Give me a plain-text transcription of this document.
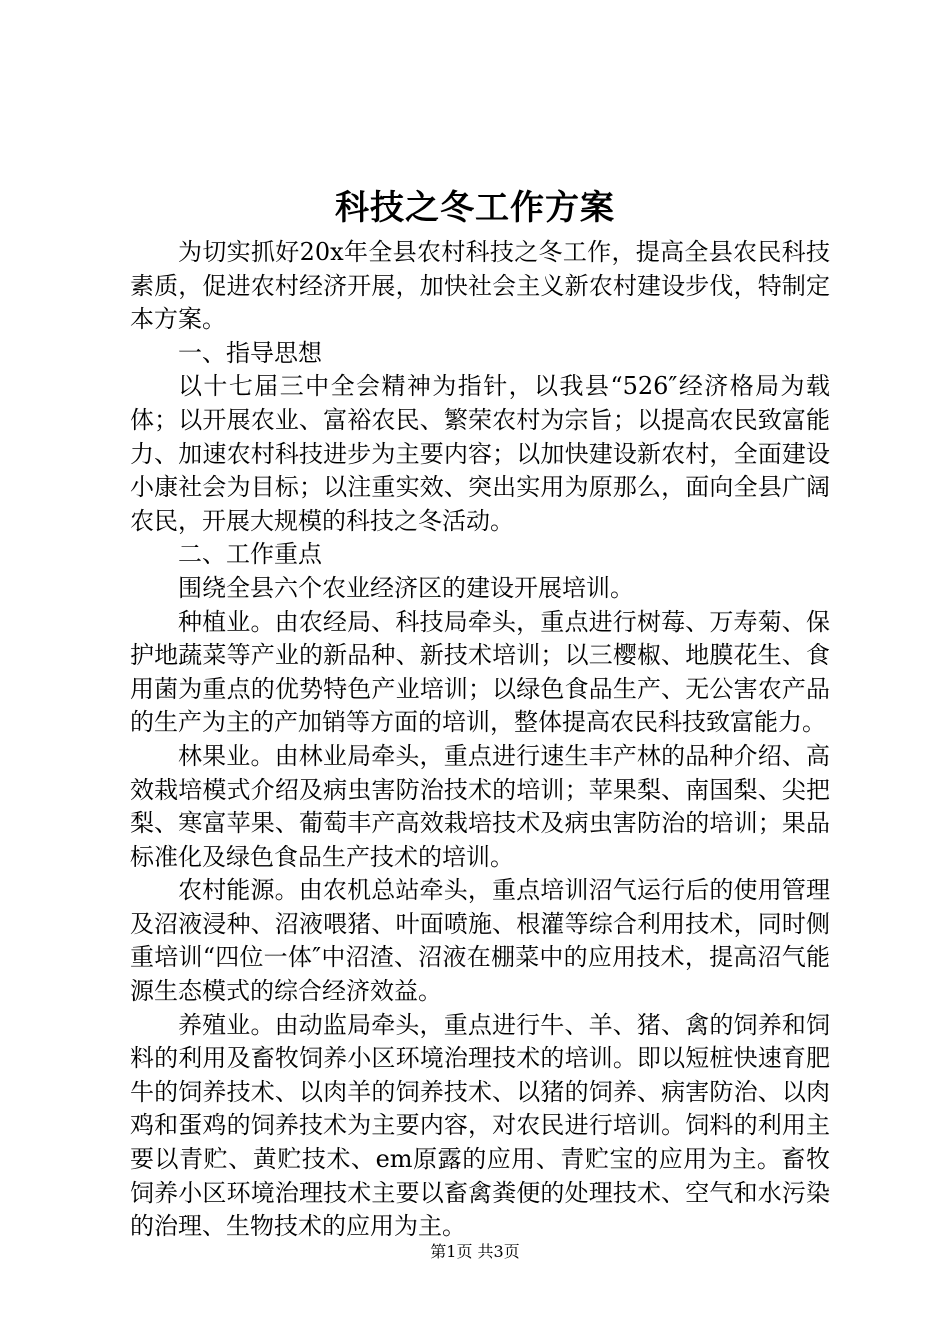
科技之冬工作方案

为切实抓好20x年全县农村科技之冬工作，提高全县农民科技素质，促进农村经济开展，加快社会主义新农村建设步伐，特制定本方案。

一、指导思想

以十七届三中全会精神为指针，以我县“526″经济格局为载体；以开展农业、富裕农民、繁荣农村为宗旨；以提高农民致富能力、加速农村科技进步为主要内容；以加快建设新农村，全面建设小康社会为目标；以注重实效、突出实用为原那么，面向全县广阔农民，开展大规模的科技之冬活动。

二、工作重点

围绕全县六个农业经济区的建设开展培训。

种植业。由农经局、科技局牵头，重点进行树莓、万寿菊、保护地蔬菜等产业的新品种、新技术培训；以三樱椒、地膜花生、食用菌为重点的优势特色产业培训；以绿色食品生产、无公害农产品的生产为主的产加销等方面的培训，整体提高农民科技致富能力。

林果业。由林业局牵头，重点进行速生丰产林的品种介绍、高效栽培模式介绍及病虫害防治技术的培训；苹果梨、南国梨、尖把梨、寒富苹果、葡萄丰产高效栽培技术及病虫害防治的培训；果品标准化及绿色食品生产技术的培训。

农村能源。由农机总站牵头，重点培训沼气运行后的使用管理及沼液浸种、沼液喂猪、叶面喷施、根灌等综合利用技术，同时侧重培训“四位一体″中沼渣、沼液在棚菜中的应用技术，提高沼气能源生态模式的综合经济效益。

养殖业。由动监局牵头，重点进行牛、羊、猪、禽的饲养和饲料的利用及畜牧饲养小区环境治理技术的培训。即以短桩快速育肥牛的饲养技术、以肉羊的饲养技术、以猪的饲养、病害防治、以肉鸡和蛋鸡的饲养技术为主要内容，对农民进行培训。饲料的利用主要以青贮、黄贮技术、em原露的应用、青贮宝的应用为主。畜牧饲养小区环境治理技术主要以畜禽粪便的处理技术、空气和水污染的治理、生物技术的应用为主。

第1页 共3页
